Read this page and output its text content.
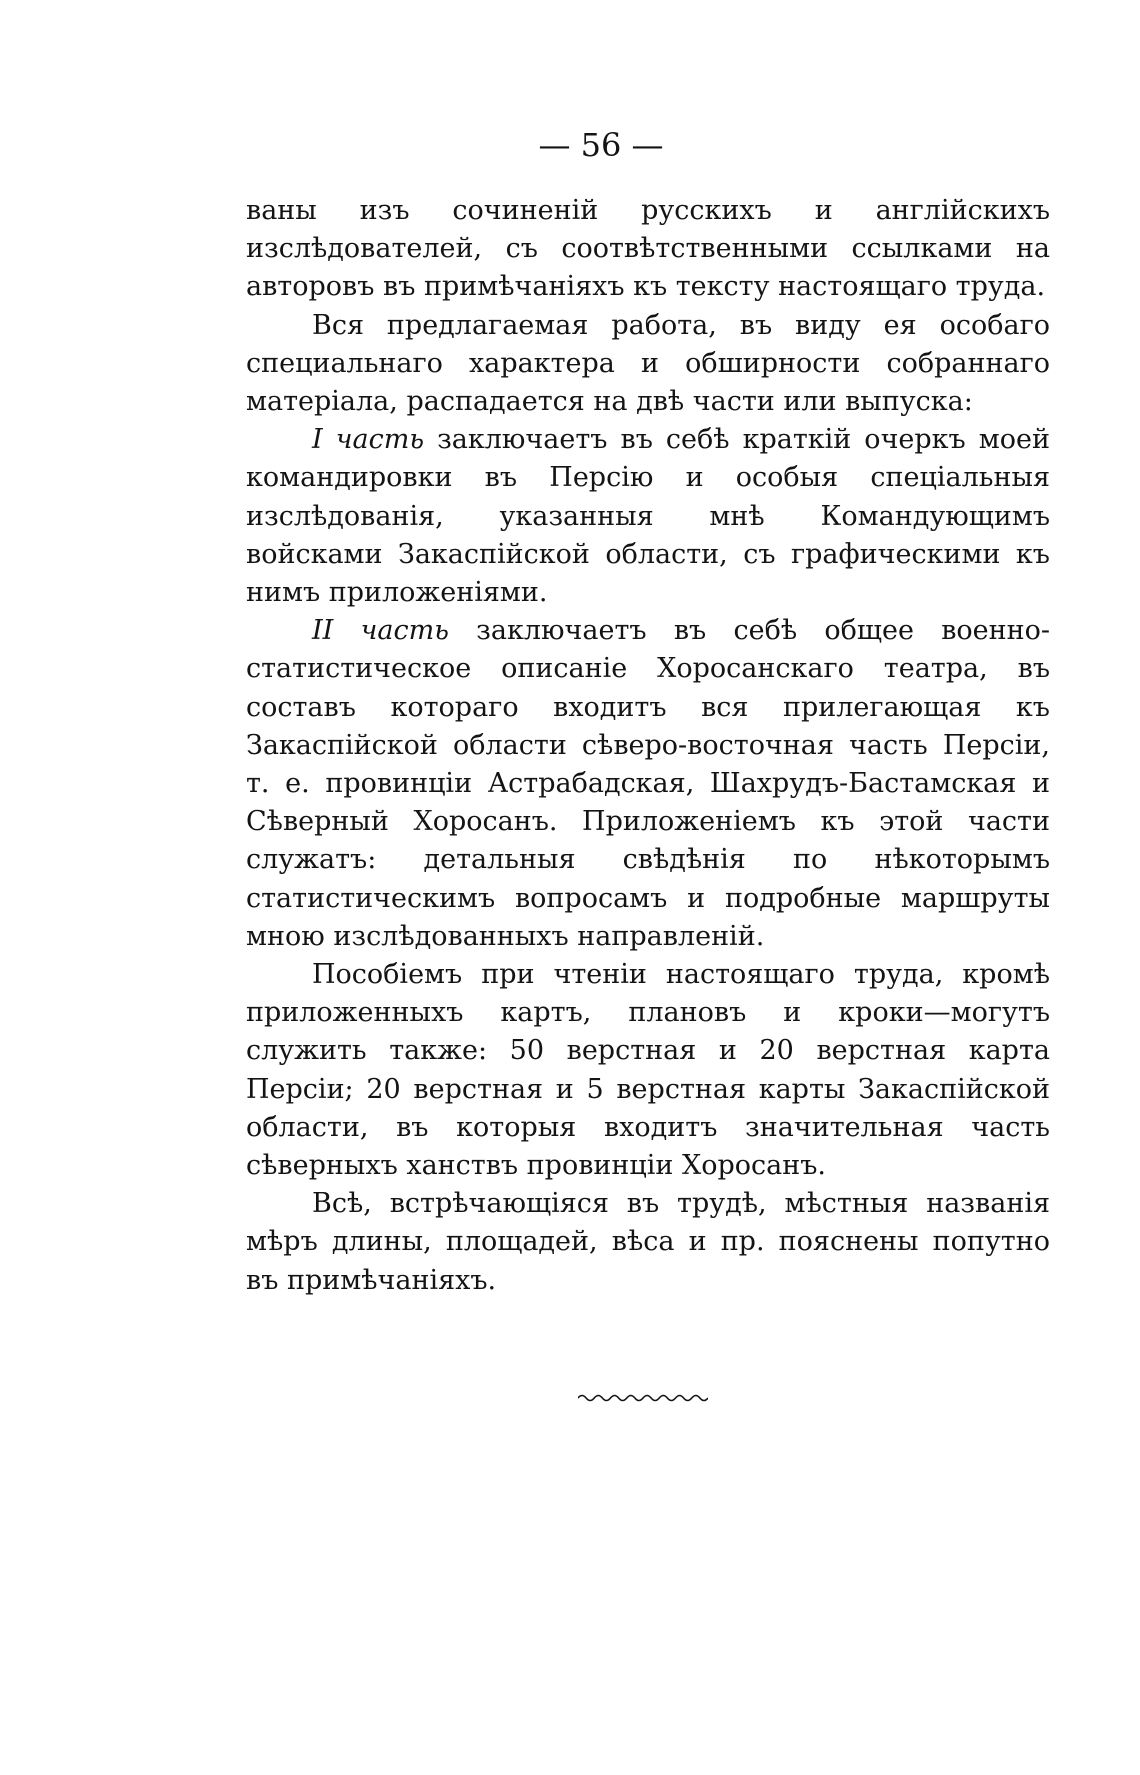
— 56 —

ваны изъ сочиненій русскихъ и англійскихъ изслѣдователей, съ соотвѣтственными ссылками на авторовъ въ примѣчаніяхъ къ тексту настоящаго труда.

Вся предлагаемая работа, въ виду ея особаго специальнаго характера и обширности собраннаго матеріала, распадается на двѣ части или выпуска:

I часть заключаетъ въ себѣ краткій очеркъ моей командировки въ Персію и особыя спеціальныя изслѣдованія, указанныя мнѣ Командующимъ войсками Закаспійской области, съ графическими къ нимъ приложеніями.

II часть заключаетъ въ себѣ общее военно-статистическое описаніе Хоросанскаго театра, въ составъ котораго входитъ вся прилегающая къ Закаспійской области сѣверо-восточная часть Персіи, т. е. провинціи Астрабадская, Шахрудъ-Бастамская и Сѣверный Хоросанъ. Приложеніемъ къ этой части служатъ: детальныя свѣдѣнія по нѣкоторымъ статистическимъ вопросамъ и подробные маршруты мною изслѣдованныхъ направленій.

Пособіемъ при чтеніи настоящаго труда, кромѣ приложенныхъ картъ, плановъ и кроки—могутъ служить также: 50 верстная и 20 верстная карта Персіи; 20 верстная и 5 верстная карты Закаспійской области, въ которыя входитъ значительная часть сѣверныхъ ханствъ провинціи Хоросанъ.

Всѣ, встрѣчающіяся въ трудѣ, мѣстныя названія мѣръ длины, площадей, вѣса и пр. пояснены попутно въ примѣчаніяхъ.
